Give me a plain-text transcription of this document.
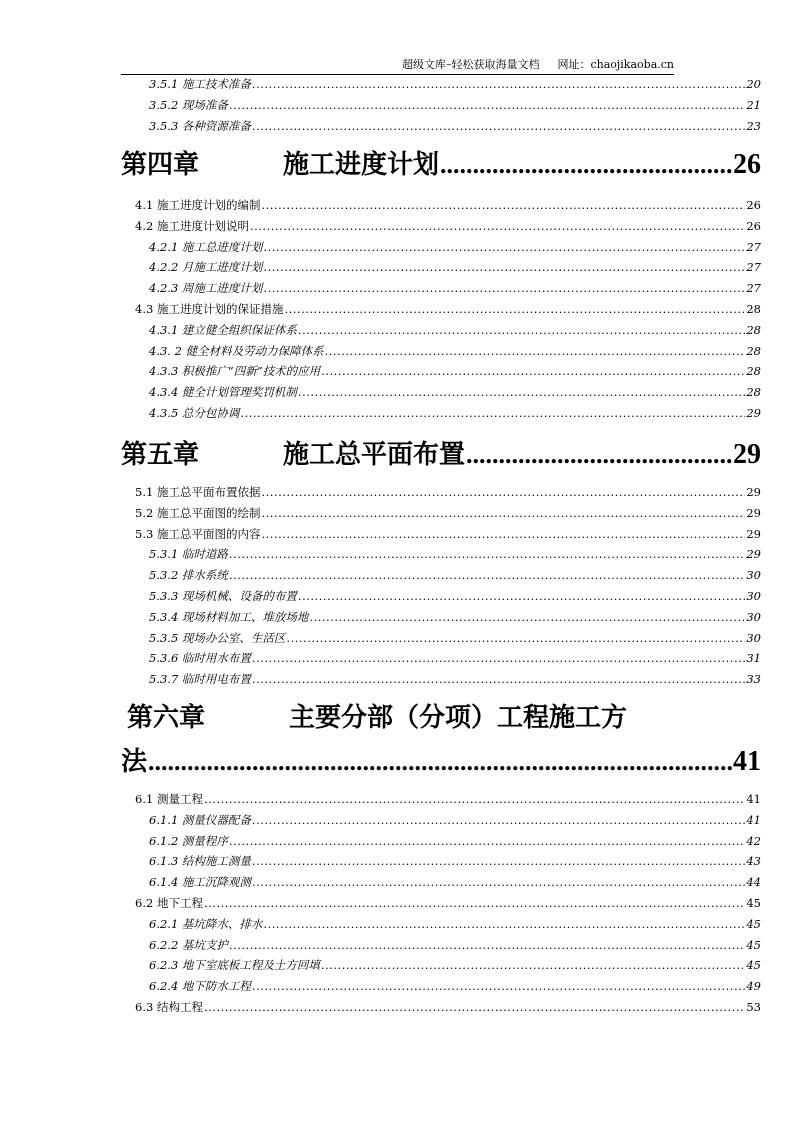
超级文库–轻松获取海量文档 网址：chaojikaoba.cn
3.5.1 施工技术准备 .....	20
3.5.2 现场准备 .....	21
3.5.3 各种资源准备 .....	23
第四章	施工进度计划 .....	26
4.1 施工进度计划的编制 .....	26
4.2 施工进度计划说明 .....	26
4.2.1 施工总进度计划 .....	27
4.2.2 月施工进度计划 .....	27
4.2.3 周施工进度计划 .....	27
4.3 施工进度计划的保证措施 .....	28
4.3.1 建立健全组织保证体系 .....	28
4.3. 2 健全材料及劳动力保障体系 .....	28
4.3.3 积极推广“四新”技术的应用 .....	28
4.3.4 健全计划管理奖罚机制 .....	28
4.3.5 总分包协调 .....	29
第五章	施工总平面布置 .....	29
5.1 施工总平面布置依据 .....	29
5.2 施工总平面图的绘制 .....	29
5.3 施工总平面图的内容 .....	29
5.3.1 临时道路 .....	29
5.3.2 排水系统 .....	30
5.3.3 现场机械、设备的布置 .....	30
5.3.4 现场材料加工、堆放场地 .....	30
5.3.5 现场办公室、生活区 .....	30
5.3.6 临时用水布置 .....	31
5.3.7 临时用电布置 .....	33
第六章	主要分部（分项）工程施工方
法 .....	41
6.1 测量工程 .....	41
6.1.1 测量仪器配备 .....	41
6.1.2 测量程序 .....	42
6.1.3 结构施工测量 .....	43
6.1.4 施工沉降观测 .....	44
6.2 地下工程 .....	45
6.2.1 基坑降水、排水 .....	45
6.2.2 基坑支护 .....	45
6.2.3 地下室底板工程及土方回填 .....	45
6.2.4 地下防水工程 .....	49
6.3 结构工程 .....	53
